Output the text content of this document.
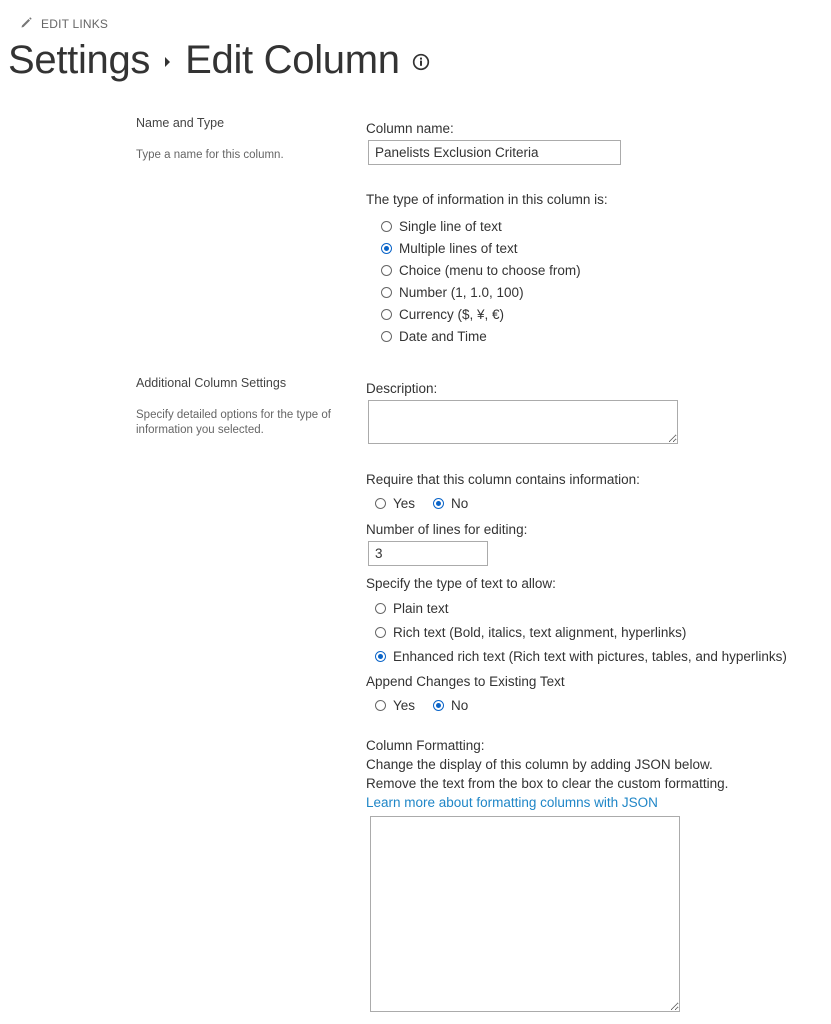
EDIT LINKS
Settings Edit Column
Name and Type
Type a name for this column.
Column name:
Panelists Exclusion Criteria
The type of information in this column is:
Single line of text
Multiple lines of text
Choice (menu to choose from)
Number (1, 1.0, 100)
Currency ($, ¥, €)
Date and Time
Additional Column Settings
Specify detailed options for the type of information you selected.
Description:
Require that this column contains information:
Yes	No
Number of lines for editing:
3
Specify the type of text to allow:
Plain text
Rich text (Bold, italics, text alignment, hyperlinks)
Enhanced rich text (Rich text with pictures, tables, and hyperlinks)
Append Changes to Existing Text
Yes	No
Column Formatting:
Change the display of this column by adding JSON below.
Remove the text from the box to clear the custom formatting.
Learn more about formatting columns with JSON
